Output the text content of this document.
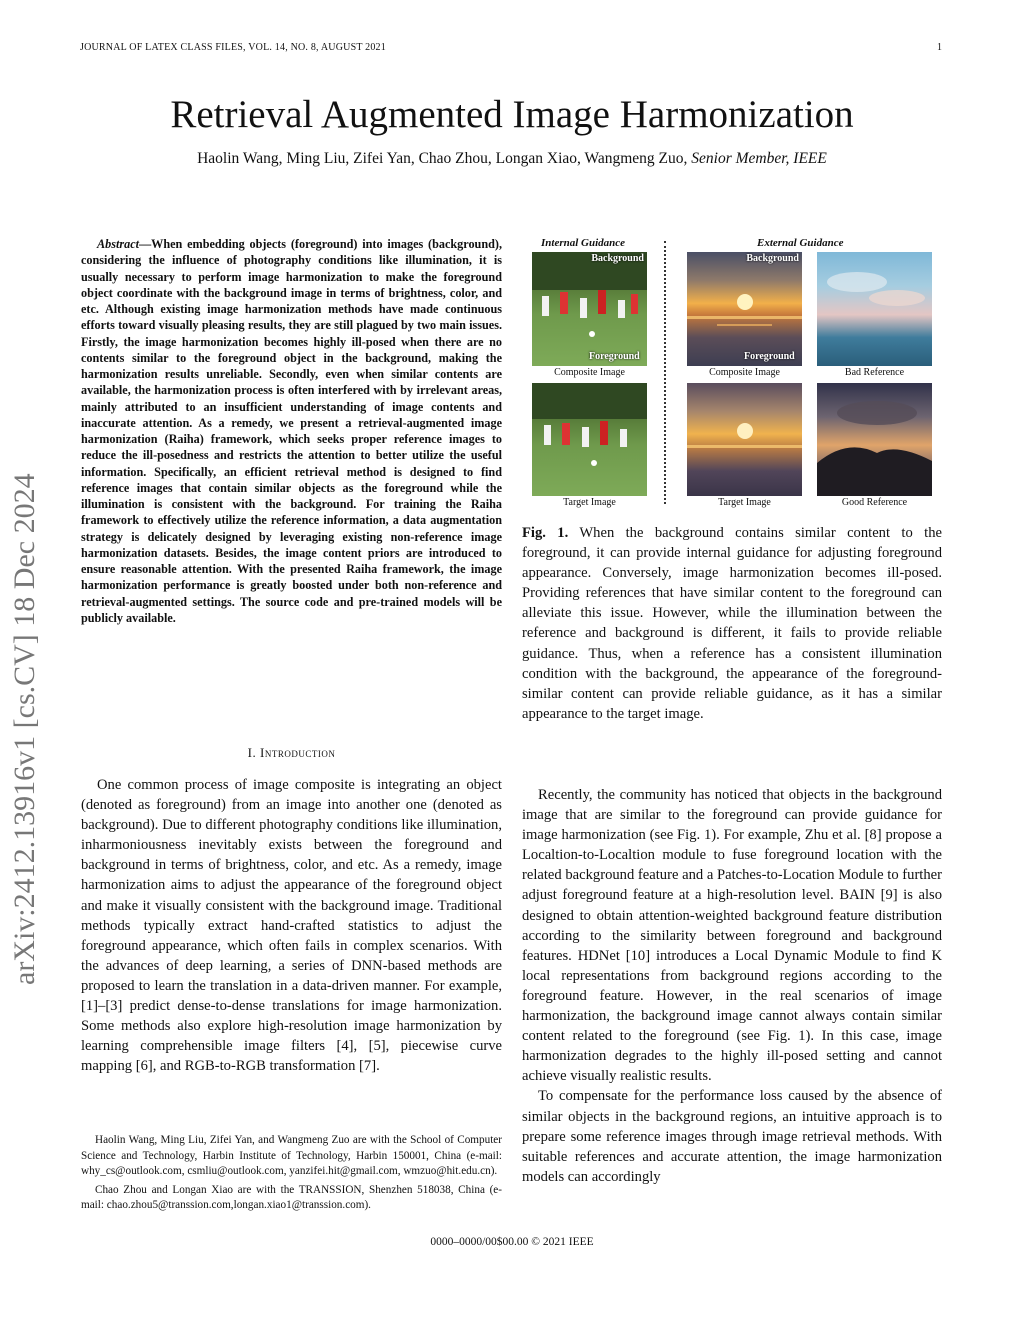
JOURNAL OF LATEX CLASS FILES, VOL. 14, NO. 8, AUGUST 2021	1
Retrieval Augmented Image Harmonization
Haolin Wang, Ming Liu, Zifei Yan, Chao Zhou, Longan Xiao, Wangmeng Zuo, Senior Member, IEEE
arXiv:2412.13916v1 [cs.CV] 18 Dec 2024
Abstract—When embedding objects (foreground) into images (background), considering the influence of photography conditions like illumination, it is usually necessary to perform image harmonization to make the foreground object coordinate with the background image in terms of brightness, color, and etc. Although existing image harmonization methods have made continuous efforts toward visually pleasing results, they are still plagued by two main issues. Firstly, the image harmonization becomes highly ill-posed when there are no contents similar to the foreground object in the background, making the harmonization results unreliable. Secondly, even when similar contents are available, the harmonization process is often interfered with by irrelevant areas, mainly attributed to an insufficient understanding of image contents and inaccurate attention. As a remedy, we present a retrieval-augmented image harmonization (Raiha) framework, which seeks proper reference images to reduce the ill-posedness and restricts the attention to better utilize the useful information. Specifically, an efficient retrieval method is designed to find reference images that contain similar objects as the foreground while the illumination is consistent with the background. For training the Raiha framework to effectively utilize the reference information, a data augmentation strategy is delicately designed by leveraging existing non-reference image harmonization datasets. Besides, the image content priors are introduced to ensure reasonable attention. With the presented Raiha framework, the image harmonization performance is greatly boosted under both non-reference and retrieval-augmented settings. The source code and pre-trained models will be publicly available.
I. Introduction

One common process of image composite is integrating an object (denoted as foreground) from an image into another one (denoted as background). Due to different photography conditions like illumination, inharmoniousness inevitably exists between the foreground and background in terms of brightness, color, and etc. As a remedy, image harmonization aims to adjust the appearance of the foreground object and make it visually consistent with the background image. Traditional methods typically extract hand-crafted statistics to adjust the foreground appearance, which often fails in complex scenarios. With the advances of deep learning, a series of DNN-based methods are proposed to learn the translation in a data-driven manner. For example, [1]–[3] predict dense-to-dense translations for image harmonization. Some methods also explore high-resolution image harmonization by learning comprehensible image filters [4], [5], piecewise curve mapping [6], and RGB-to-RGB transformation [7].

Haolin Wang, Ming Liu, Zifei Yan, and Wangmeng Zuo are with the School of Computer Science and Technology, Harbin Institute of Technology, Harbin 150001, China (e-mail: why_cs@outlook.com, csmliu@outlook.com, yanzifei.hit@gmail.com, wmzuo@hit.edu.cn).

Chao Zhou and Longan Xiao are with the TRANSSION, Shenzhen 518038, China (e-mail: chao.zhou5@transsion.com,longan.xiao1@transsion.com).

Internal Guidance	External Guidance
Background
Foreground
Background
Foreground
Composite Image	Composite Image	Bad Reference
Target Image	Target Image	Good Reference
Fig. 1. When the background contains similar content to the foreground, it can provide internal guidance for adjusting foreground appearance. Conversely, image harmonization becomes ill-posed. Providing references that have similar content to the foreground can alleviate this issue. However, while the illumination between the reference and background is different, it fails to provide reliable guidance. Thus, when a reference has a consistent illumination condition with the background, the appearance of the foreground-similar content can provide reliable guidance, as it has a similar appearance to the target image.

Recently, the community has noticed that objects in the background image that are similar to the foreground can provide guidance for image harmonization (see Fig. 1). For example, Zhu et al. [8] propose a Localtion-to-Localtion module to fuse foreground location with the related background feature and a Patches-to-Location Module to further adjust foreground feature at a high-resolution level. BAIN [9] is also designed to obtain attention-weighted background feature distribution according to the similarity between foreground and background features. HDNet [10] introduces a Local Dynamic Module to find K local representations from background regions according to the foreground feature. However, in the real scenarios of image harmonization, the background image cannot always contain similar content related to the foreground (see Fig. 1). In this case, image harmonization degrades to the highly ill-posed setting and cannot achieve visually realistic results.

To compensate for the performance loss caused by the absence of similar objects in the background regions, an intuitive approach is to prepare some reference images through image retrieval methods. With suitable references and accurate attention, the image harmonization models can accordingly

0000–0000/00$00.00 © 2021 IEEE
